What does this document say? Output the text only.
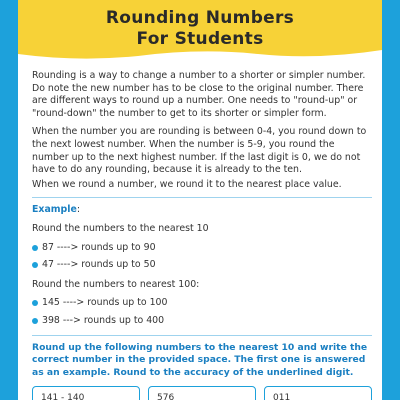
Rounding Numbers
For Students

Rounding is a way to change a number to a shorter or simpler number. Do note the new number has to be close to the original number. There are different ways to round up a number. One needs to "round-up" or "round-down" the number to get to its shorter or simpler form.

When the number you are rounding is between 0-4, you round down to the next lowest number. When the number is 5-9, you round the number up to the next highest number. If the last digit is 0, we do not have to do any rounding, because it is already to the ten.

When we round a number, we round it to the nearest place value.

Example:

Round the numbers to the nearest 10

87 ----> rounds up to 90
47 ----> rounds up to 50

Round the numbers to nearest 100:

145 ----> rounds up to 100
398 ---> rounds up to 400

Round up the following numbers to the nearest 10 and write the correct number in the provided space. The first one is answered as an example. Round to the accuracy of the underlined digit.

141 - 140	576	011
